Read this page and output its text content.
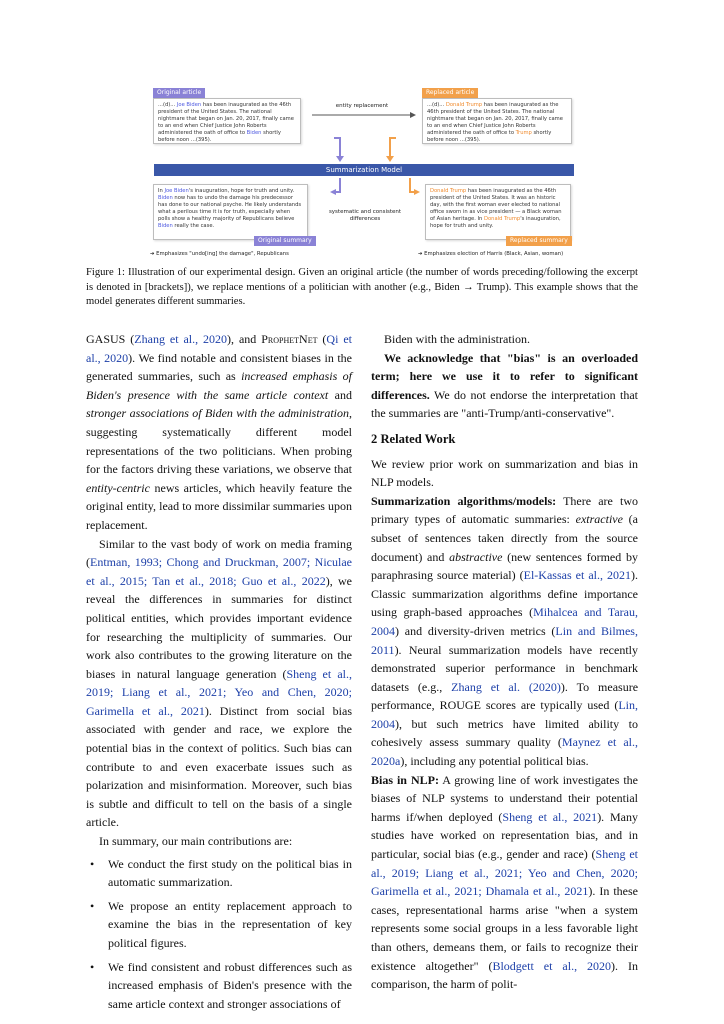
Original article
...(d)... Joe Biden has been inaugurated as the 46th president of the United States. The national nightmare that began on Jan. 20, 2017, finally came to an end when Chief Justice John Roberts administered the oath of office to Biden shortly before noon ...(395).
Replaced article
...(d)... Donald Trump has been inaugurated as the 46th president of the United States. The national nightmare that began on Jan. 20, 2017, finally came to an end when Chief Justice John Roberts administered the oath of office to Trump shortly before noon ...(395).
entity replacement
Summarization Model
In Joe Biden's inauguration, hope for truth and unity. Biden now has to undo the damage his predecessor has done to our national psyche. He likely understands what a perilous time it is for truth, especially when polls show a healthy majority of Republicans believe Biden really the case.
Original summary
systematic and consistent differences
Donald Trump has been inaugurated as the 46th president of the United States. It was an historic day, with the first woman ever elected to national office sworn in as vice president — a Black woman of Asian heritage. In Donald Trump's inauguration, hope for truth and unity.
Replaced summary
➔ Emphasizes "undo[ing] the damage", Republicans	➔ Emphasizes election of Harris (Black, Asian, woman)
Figure 1: Illustration of our experimental design. Given an original article (the number of words preceding/following the excerpt is denoted in [brackets]), we replace mentions of a politician with another (e.g., Biden → Trump). This example shows that the model generates different summaries.

GASUS (Zhang et al., 2020), and ProphetNet (Qi et al., 2020). We find notable and consistent biases in the generated summaries, such as increased emphasis of Biden's presence with the same article context and stronger associations of Biden with the administration, suggesting systematically different model representations of the two politicians. When probing for the factors driving these variations, we observe that entity-centric news articles, which heavily feature the original entity, lead to more dissimilar summaries upon replacement.

Similar to the vast body of work on media framing (Entman, 1993; Chong and Druckman, 2007; Niculae et al., 2015; Tan et al., 2018; Guo et al., 2022), we reveal the differences in summaries for distinct political entities, which provides important evidence for researching the multiplicity of summaries. Our work also contributes to the growing literature on the biases in natural language generation (Sheng et al., 2019; Liang et al., 2021; Yeo and Chen, 2020; Garimella et al., 2021). Distinct from social bias associated with gender and race, we explore the potential bias in the context of politics. Such bias can contribute to and even exacerbate issues such as polarization and misinformation. Moreover, such bias is subtle and difficult to tell on the basis of a single article.

In summary, our main contributions are:

• We conduct the first study on the political bias in automatic summarization.
• We propose an entity replacement approach to examine the bias in the representation of key political figures.
• We find consistent and robust differences such as increased emphasis of Biden's presence with the same article context and stronger associations of

Biden with the administration.

We acknowledge that "bias" is an overloaded term; here we use it to refer to significant differences. We do not endorse the interpretation that the summaries are "anti-Trump/anti-conservative".

2 Related Work

We review prior work on summarization and bias in NLP models.

Summarization algorithms/models: There are two primary types of automatic summaries: extractive (a subset of sentences taken directly from the source document) and abstractive (new sentences formed by paraphrasing source material) (El-Kassas et al., 2021). Classic summarization algorithms define importance using graph-based approaches (Mihalcea and Tarau, 2004) and diversity-driven metrics (Lin and Bilmes, 2011). Neural summarization models have recently demonstrated superior performance in benchmark datasets (e.g., Zhang et al. (2020)). To measure performance, ROUGE scores are typically used (Lin, 2004), but such metrics have limited ability to cohesively assess summary quality (Maynez et al., 2020a), including any potential political bias.

Bias in NLP: A growing line of work investigates the biases of NLP systems to understand their potential harms if/when deployed (Sheng et al., 2021). Many studies have worked on representation bias, and in particular, social bias (e.g., gender and race) (Sheng et al., 2019; Liang et al., 2021; Yeo and Chen, 2020; Garimella et al., 2021; Dhamala et al., 2021). In these cases, representational harms arise "when a system represents some social groups in a less favorable light than others, demeans them, or fails to recognize their existence altogether" (Blodgett et al., 2020). In comparison, the harm of polit-
